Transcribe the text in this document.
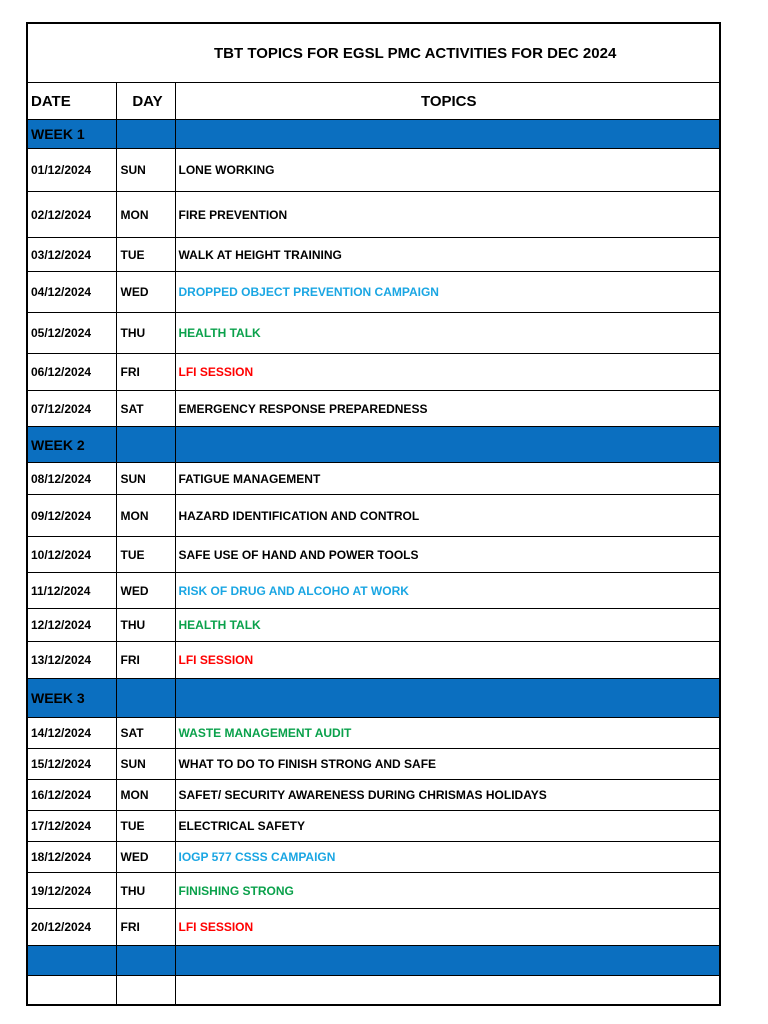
TBT TOPICS FOR EGSL PMC ACTIVITIES FOR DEC 2024		
DATE	DAY	TOPICS
WEEK 1		
01/12/2024	SUN	LONE WORKING
02/12/2024	MON	FIRE PREVENTION
03/12/2024	TUE	WALK AT HEIGHT TRAINING
04/12/2024	WED	DROPPED OBJECT PREVENTION CAMPAIGN
05/12/2024	THU	HEALTH TALK
06/12/2024	FRI	LFI SESSION
07/12/2024	SAT	EMERGENCY RESPONSE PREPAREDNESS
WEEK 2		
08/12/2024	SUN	FATIGUE MANAGEMENT
09/12/2024	MON	HAZARD IDENTIFICATION AND CONTROL
10/12/2024	TUE	SAFE USE OF HAND AND POWER TOOLS
11/12/2024	WED	RISK OF DRUG AND ALCOHO AT WORK
12/12/2024	THU	HEALTH TALK
13/12/2024	FRI	LFI SESSION
WEEK 3		
14/12/2024	SAT	WASTE MANAGEMENT AUDIT
15/12/2024	SUN	WHAT TO DO TO FINISH STRONG AND SAFE
16/12/2024	MON	SAFET/ SECURITY AWARENESS DURING CHRISMAS HOLIDAYS
17/12/2024	TUE	ELECTRICAL SAFETY
18/12/2024	WED	IOGP 577 CSSS CAMPAIGN
19/12/2024	THU	FINISHING STRONG
20/12/2024	FRI	LFI SESSION
